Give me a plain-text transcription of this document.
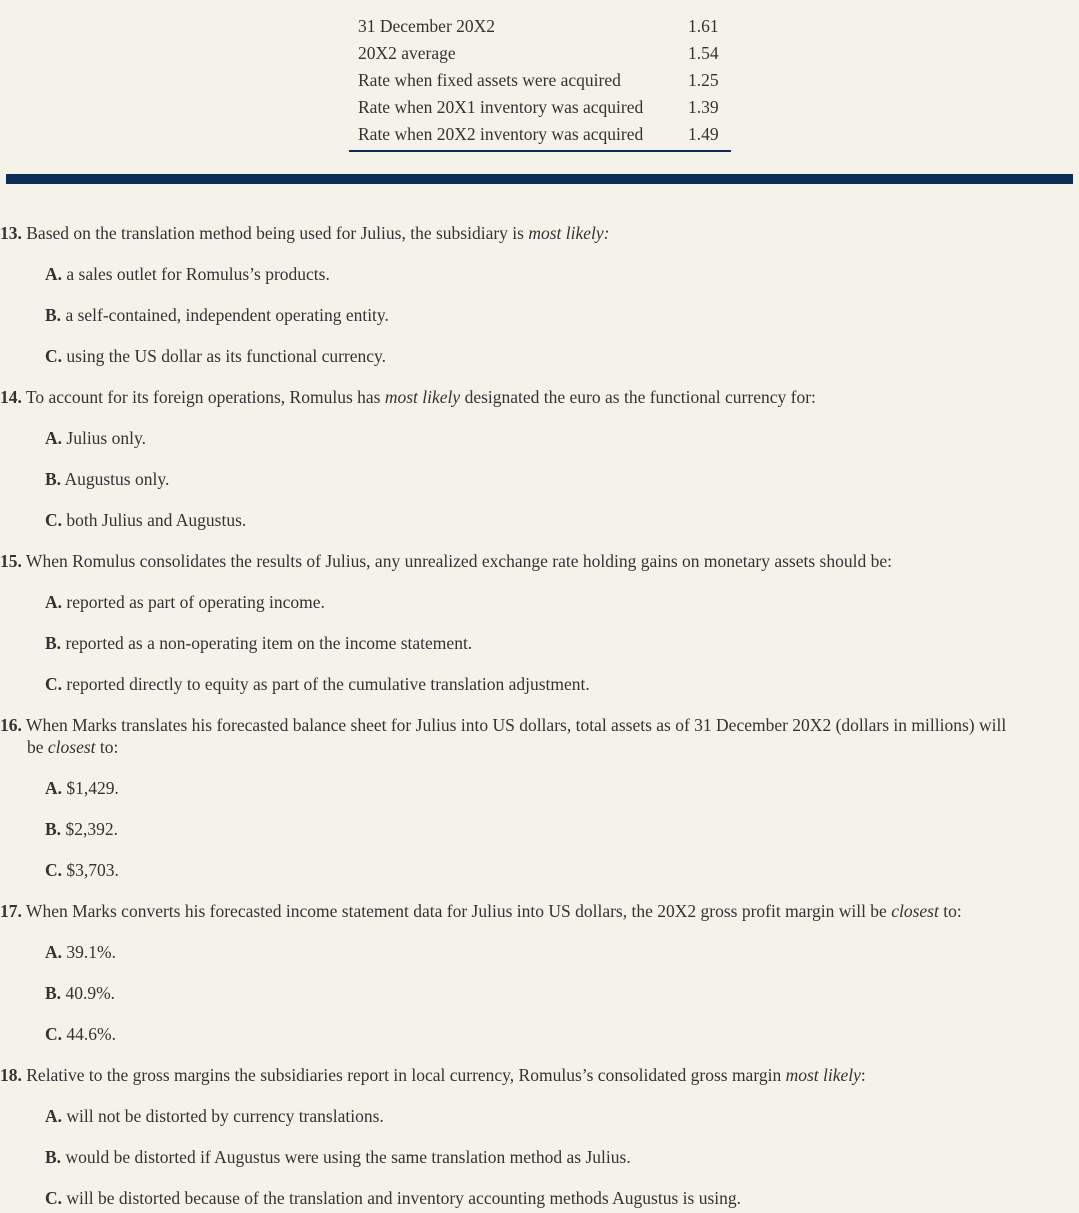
31 December 20X2	1.61
20X2 average	1.54
Rate when fixed assets were acquired	1.25
Rate when 20X1 inventory was acquired	1.39
Rate when 20X2 inventory was acquired	1.49
13. Based on the translation method being used for Julius, the subsidiary is most likely:
A. a sales outlet for Romulus’s products.
B. a self-contained, independent operating entity.
C. using the US dollar as its functional currency.
14. To account for its foreign operations, Romulus has most likely designated the euro as the functional currency for:
A. Julius only.
B. Augustus only.
C. both Julius and Augustus.
15. When Romulus consolidates the results of Julius, any unrealized exchange rate holding gains on monetary assets should be:
A. reported as part of operating income.
B. reported as a non-operating item on the income statement.
C. reported directly to equity as part of the cumulative translation adjustment.
16. When Marks translates his forecasted balance sheet for Julius into US dollars, total assets as of 31 December 20X2 (dollars in millions) will
be closest to:
A. $1,429.
B. $2,392.
C. $3,703.
17. When Marks converts his forecasted income statement data for Julius into US dollars, the 20X2 gross profit margin will be closest to:
A. 39.1%.
B. 40.9%.
C. 44.6%.
18. Relative to the gross margins the subsidiaries report in local currency, Romulus’s consolidated gross margin most likely:
A. will not be distorted by currency translations.
B. would be distorted if Augustus were using the same translation method as Julius.
C. will be distorted because of the translation and inventory accounting methods Augustus is using.
